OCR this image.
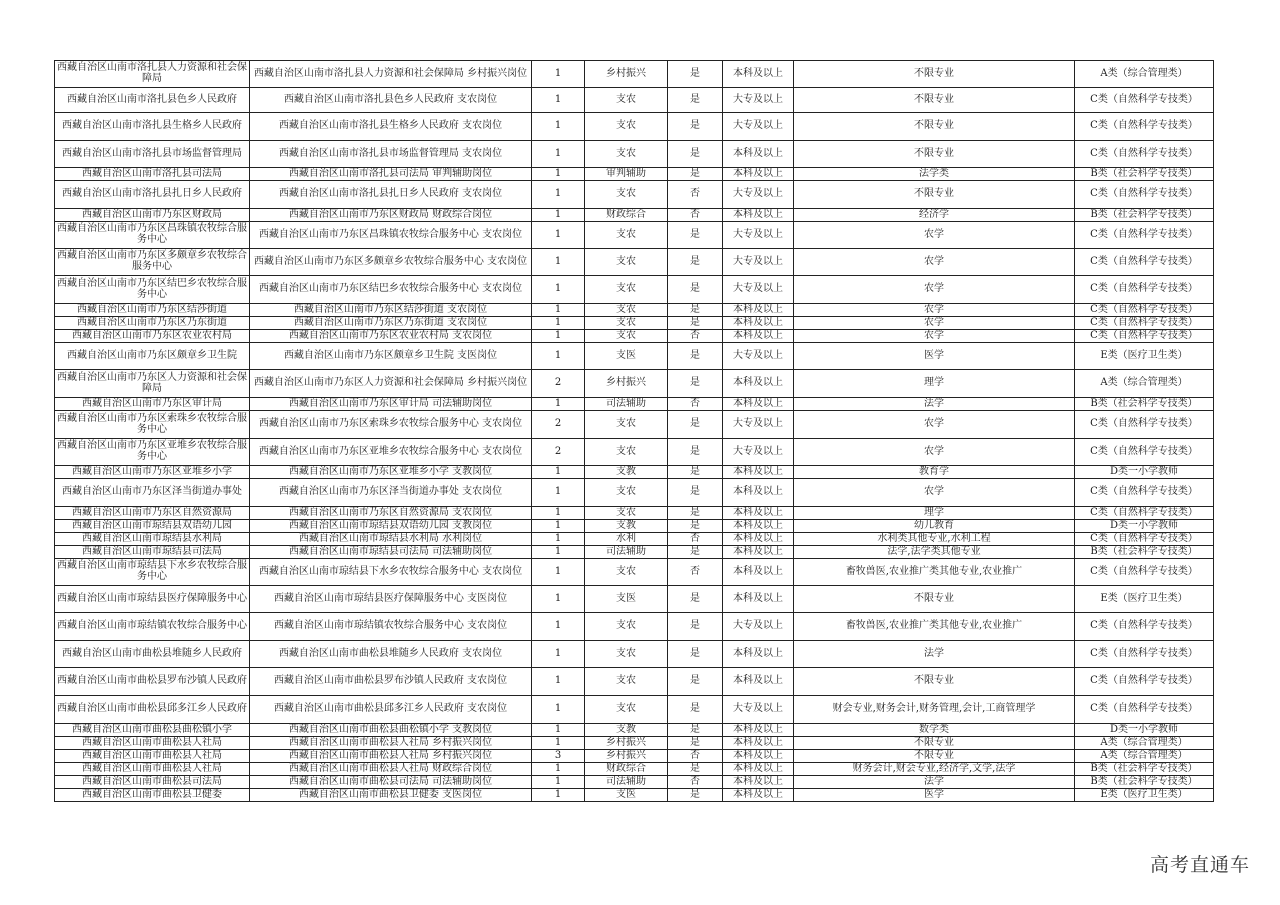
西藏自治区山南市洛扎县人力资源和社会保障局	西藏自治区山南市洛扎县人力资源和社会保障局 乡村振兴岗位	1	乡村振兴	是	本科及以上	不限专业	A类（综合管理类）
西藏自治区山南市洛扎县色乡人民政府	西藏自治区山南市洛扎县色乡人民政府 支农岗位	1	支农	是	大专及以上	不限专业	C类（自然科学专技类）
西藏自治区山南市洛扎县生格乡人民政府	西藏自治区山南市洛扎县生格乡人民政府 支农岗位	1	支农	是	大专及以上	不限专业	C类（自然科学专技类）
西藏自治区山南市洛扎县市场监督管理局	西藏自治区山南市洛扎县市场监督管理局 支农岗位	1	支农	是	本科及以上	不限专业	C类（自然科学专技类）
西藏自治区山南市洛扎县司法局	西藏自治区山南市洛扎县司法局 审判辅助岗位	1	审判辅助	是	本科及以上	法学类	B类（社会科学专技类）
西藏自治区山南市洛扎县扎日乡人民政府	西藏自治区山南市洛扎县扎日乡人民政府 支农岗位	1	支农	否	大专及以上	不限专业	C类（自然科学专技类）
西藏自治区山南市乃东区财政局	西藏自治区山南市乃东区财政局 财政综合岗位	1	财政综合	否	本科及以上	经济学	B类（社会科学专技类）
西藏自治区山南市乃东区昌珠镇农牧综合服务中心	西藏自治区山南市乃东区昌珠镇农牧综合服务中心 支农岗位	1	支农	是	大专及以上	农学	C类（自然科学专技类）
西藏自治区山南市乃东区多颇章乡农牧综合服务中心	西藏自治区山南市乃东区多颇章乡农牧综合服务中心 支农岗位	1	支农	是	大专及以上	农学	C类（自然科学专技类）
西藏自治区山南市乃东区结巴乡农牧综合服务中心	西藏自治区山南市乃东区结巴乡农牧综合服务中心 支农岗位	1	支农	是	大专及以上	农学	C类（自然科学专技类）
西藏自治区山南市乃东区结莎街道	西藏自治区山南市乃东区结莎街道 支农岗位	1	支农	是	本科及以上	农学	C类（自然科学专技类）
西藏自治区山南市乃东区乃东街道	西藏自治区山南市乃东区乃东街道 支农岗位	1	支农	是	本科及以上	农学	C类（自然科学专技类）
西藏自治区山南市乃东区农业农村局	西藏自治区山南市乃东区农业农村局 支农岗位	1	支农	否	本科及以上	农学	C类（自然科学专技类）
西藏自治区山南市乃东区颇章乡卫生院	西藏自治区山南市乃东区颇章乡卫生院 支医岗位	1	支医	是	大专及以上	医学	E类（医疗卫生类）
西藏自治区山南市乃东区人力资源和社会保障局	西藏自治区山南市乃东区人力资源和社会保障局 乡村振兴岗位	2	乡村振兴	是	本科及以上	理学	A类（综合管理类）
西藏自治区山南市乃东区审计局	西藏自治区山南市乃东区审计局 司法辅助岗位	1	司法辅助	否	本科及以上	法学	B类（社会科学专技类）
西藏自治区山南市乃东区索珠乡农牧综合服务中心	西藏自治区山南市乃东区索珠乡农牧综合服务中心 支农岗位	2	支农	是	大专及以上	农学	C类（自然科学专技类）
西藏自治区山南市乃东区亚堆乡农牧综合服务中心	西藏自治区山南市乃东区亚堆乡农牧综合服务中心 支农岗位	2	支农	是	大专及以上	农学	C类（自然科学专技类）
西藏自治区山南市乃东区亚堆乡小学	西藏自治区山南市乃东区亚堆乡小学 支教岗位	1	支教	是	本科及以上	教育学	D类一小学教师
西藏自治区山南市乃东区泽当街道办事处	西藏自治区山南市乃东区泽当街道办事处 支农岗位	1	支农	是	本科及以上	农学	C类（自然科学专技类）
西藏自治区山南市乃东区自然资源局	西藏自治区山南市乃东区自然资源局 支农岗位	1	支农	是	本科及以上	理学	C类（自然科学专技类）
西藏自治区山南市琼结县双语幼儿园	西藏自治区山南市琼结县双语幼儿园 支教岗位	1	支教	是	本科及以上	幼儿教育	D类一小学教师
西藏自治区山南市琼结县水利局	西藏自治区山南市琼结县水利局 水利岗位	1	水利	否	本科及以上	水利类其他专业,水利工程	C类（自然科学专技类）
西藏自治区山南市琼结县司法局	西藏自治区山南市琼结县司法局 司法辅助岗位	1	司法辅助	是	本科及以上	法学,法学类其他专业	B类（社会科学专技类）
西藏自治区山南市琼结县下水乡农牧综合服务中心	西藏自治区山南市琼结县下水乡农牧综合服务中心 支农岗位	1	支农	否	本科及以上	畜牧兽医,农业推广类其他专业,农业推广	C类（自然科学专技类）
西藏自治区山南市琼结县医疗保障服务中心	西藏自治区山南市琼结县医疗保障服务中心 支医岗位	1	支医	是	本科及以上	不限专业	E类（医疗卫生类）
西藏自治区山南市琼结镇农牧综合服务中心	西藏自治区山南市琼结镇农牧综合服务中心 支农岗位	1	支农	是	大专及以上	畜牧兽医,农业推广类其他专业,农业推广	C类（自然科学专技类）
西藏自治区山南市曲松县堆随乡人民政府	西藏自治区山南市曲松县堆随乡人民政府 支农岗位	1	支农	是	本科及以上	法学	C类（自然科学专技类）
西藏自治区山南市曲松县罗布沙镇人民政府	西藏自治区山南市曲松县罗布沙镇人民政府 支农岗位	1	支农	是	本科及以上	不限专业	C类（自然科学专技类）
西藏自治区山南市曲松县邱多江乡人民政府	西藏自治区山南市曲松县邱多江乡人民政府 支农岗位	1	支农	是	大专及以上	财会专业,财务会计,财务管理,会计,工商管理学	C类（自然科学专技类）
西藏自治区山南市曲松县曲松镇小学	西藏自治区山南市曲松县曲松镇小学 支教岗位	1	支教	是	本科及以上	数学类	D类一小学教师
西藏自治区山南市曲松县人社局	西藏自治区山南市曲松县人社局 乡村振兴岗位	1	乡村振兴	是	本科及以上	不限专业	A类（综合管理类）
西藏自治区山南市曲松县人社局	西藏自治区山南市曲松县人社局 乡村振兴岗位	3	乡村振兴	否	本科及以上	不限专业	A类（综合管理类）
西藏自治区山南市曲松县人社局	西藏自治区山南市曲松县人社局 财政综合岗位	1	财政综合	是	本科及以上	财务会计,财会专业,经济学,文学,法学	B类（社会科学专技类）
西藏自治区山南市曲松县司法局	西藏自治区山南市曲松县司法局 司法辅助岗位	1	司法辅助	否	本科及以上	法学	B类（社会科学专技类）
西藏自治区山南市曲松县卫健委	西藏自治区山南市曲松县卫健委 支医岗位	1	支医	是	本科及以上	医学	E类（医疗卫生类）
高考直通车
